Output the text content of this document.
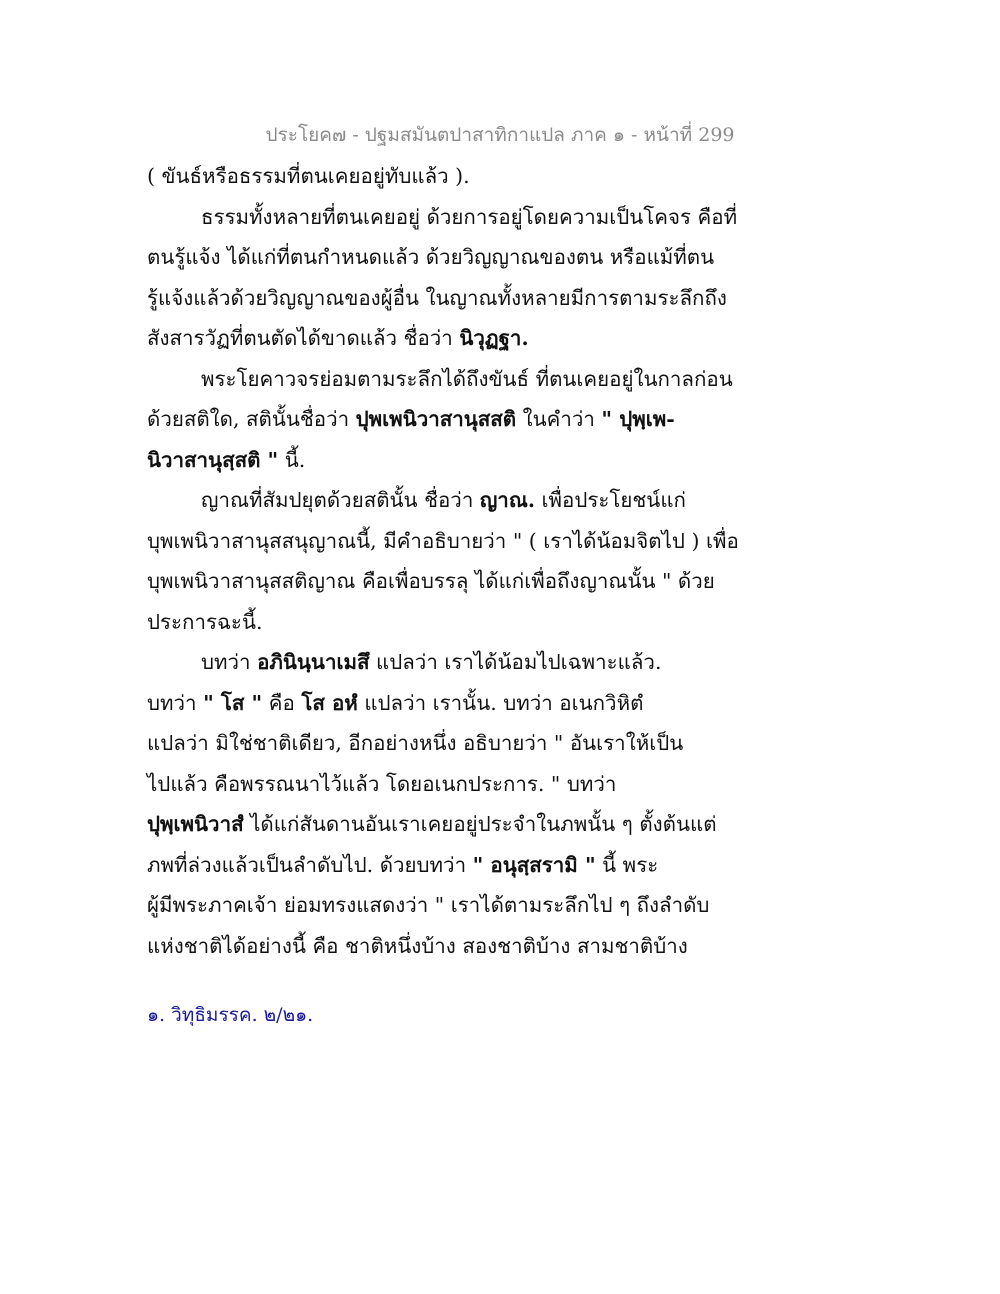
ประโยค๗ - ปฐมสมันตปาสาทิกาแปล ภาค ๑ - หน้าที่ 299
( ขันธ์หรือธรรมที่ตนเคยอยู่ทับแล้ว ).
ธรรมทั้งหลายที่ตนเคยอยู่ ด้วยการอยู่โดยความเป็นโคจร คือที่
ตนรู้แจ้ง ได้แก่ที่ตนกำหนดแล้ว ด้วยวิญญาณของตน หรือแม้ที่ตน
รู้แจ้งแล้วด้วยวิญญาณของผู้อื่น ในญาณทั้งหลายมีการตามระลึกถึง
สังสารวัฏที่ตนตัดได้ขาดแล้ว ชื่อว่า นิวุฏฐา.
พระโยคาวจรย่อมตามระลึกได้ถึงขันธ์ ที่ตนเคยอยู่ในกาลก่อน
ด้วยสติใด, สตินั้นชื่อว่า ปุพเพนิวาสานุสสติ ในคำว่า " ปุพฺเพ-
นิวาสานุสฺสติ " นี้.
ญาณที่สัมปยุตด้วยสตินั้น ชื่อว่า ญาณ. เพื่อประโยชน์แก่
บุพเพนิวาสานุสสนุญาณนี้, มีคำอธิบายว่า " ( เราได้น้อมจิตไป ) เพื่อ
บุพเพนิวาสานุสสติญาณ คือเพื่อบรรลุ ได้แก่เพื่อถึงญาณนั้น " ด้วย
ประการฉะนี้.
บทว่า อภินินฺนาเมสึ แปลว่า เราได้น้อมไปเฉพาะแล้ว.
บทว่า " โส " คือ โส อหํ แปลว่า เรานั้น. บทว่า อเนกวิหิตํ
แปลว่า มิใช่ชาติเดียว, อีกอย่างหนึ่ง อธิบายว่า " อันเราให้เป็น
ไปแล้ว คือพรรณนาไว้แล้ว โดยอเนกประการ. " บทว่า
ปุพฺเพนิวาสํ ได้แก่สันดานอันเราเคยอยู่ประจำในภพนั้น ๆ ตั้งต้นแต่
ภพที่ล่วงแล้วเป็นลำดับไป. ด้วยบทว่า " อนุสฺสรามิ " นี้ พระ
ผู้มีพระภาคเจ้า ย่อมทรงแสดงว่า " เราได้ตามระลึกไป ๆ ถึงลำดับ
แห่งชาติได้อย่างนี้ คือ ชาติหนึ่งบ้าง สองชาติบ้าง สามชาติบ้าง
๑. วิทุธิมรรค. ๒/๒๑.
